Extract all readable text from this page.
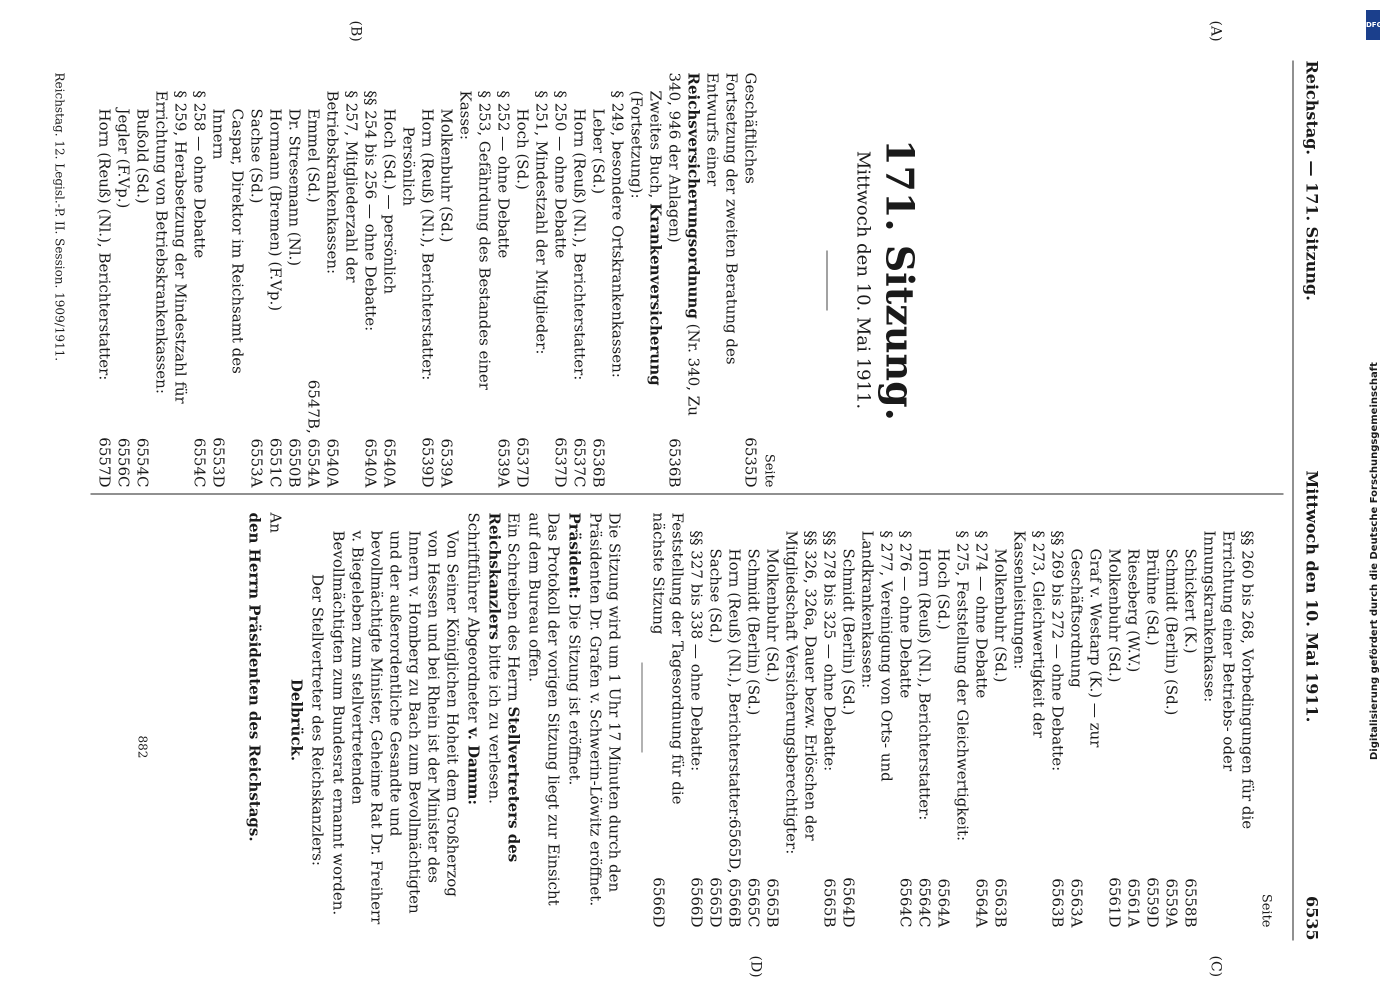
Reichstag. — 171. Sitzung.
Mittwoch den 10. Mai 1911.
6535
(A)
(B)
(C)
(D)
171. Sitzung.
Mittwoch den 10. Mai 1911.
Seite
Geschäftliches
6535D
Fortsetzung der zweiten Beratung des Entwurfs einer Reichsversicherungsordnung (Nr. 340, Zu 340, 946 der Anlagen)
6536B
Zweites Buch, Krankenversicherung (Fortsetzung):
§ 249, besondere Ortskrankenkassen:
Leber (Sd.)
6536B
Horn (Reuß) (Nl.), Berichterstatter:
6537C
§ 250 — ohne Debatte
6537D
§ 251, Mindestzahl der Mitglieder:
Hoch (Sd.)
6537D
§ 252 — ohne Debatte
6539A
§ 253, Gefährdung des Bestandes einer Kasse:
Molkenbuhr (Sd.)
6539A
Horn (Reuß) (Nl.), Berichterstatter:
6539D
Persönlich
Hoch (Sd.) — persönlich
6540A
§§ 254 bis 256 — ohne Debatte:
6540A
§ 257, Mitgliederzahl der Betriebskrankenkassen:
6540A
Emmel (Sd.)
6547B, 6554A
Dr. Stresemann (Nl.)
6550B
Hormann (Bremen) (F.Vp.)
6551C
Sachse (Sd.)
6553A
Caspar, Direktor im Reichsamt des Innern
6553D
§ 258 — ohne Debatte
6554C
§ 259, Herabsetzung der Mindestzahl für Errichtung von Betriebskrankenkassen:
Bußold (Sd.)
6554C
Jegler (F.Vp.)
6556C
Horn (Reuß) (Nl.), Berichterstatter:
6557D
Seite
§§ 260 bis 268, Vorbedingungen für die Errichtung einer Betriebs- oder Innungskrankenkasse:
Schickert (K.)
6558B
Schmidt (Berlin) (Sd.)
6559A
Brühne (Sd.)
6559D
Rieseberg (W.V.)
6561A
Molkenbuhr (Sd.)
6561D
Graf v. Westarp (K.) — zur Geschäftsordnung
6563A
§§ 269 bis 272 — ohne Debatte:
6563B
§ 273, Gleichwertigkeit der Kassenleistungen:
Molkenbuhr (Sd.)
6563B
§ 274 — ohne Debatte
6564A
§ 275, Feststellung der Gleichwertigkeit:
Hoch (Sd.)
6564A
Horn (Reuß) (Nl.), Berichterstatter:
6564C
§ 276 — ohne Debatte
6564C
§ 277, Vereinigung von Orts- und Landkrankenkassen:
Schmidt (Berlin) (Sd.)
6564D
§§ 278 bis 325 — ohne Debatte:
6565B
§§ 326, 326a, Dauer bezw. Erlöschen der Mitgliedschaft Versicherungsberechtigter:
Molkenbuhr (Sd.)
6565B
Schmidt (Berlin) (Sd.)
6565C
Horn (Reuß) (Nl.), Berichterstatter:
6565D, 6566B
Sachse (Sd.)
6565D
§§ 327 bis 338 — ohne Debatte:
6566D
Feststellung der Tagesordnung für die nächste Sitzung
6566D
Die Sitzung wird um 1 Uhr 17 Minuten durch den Präsidenten Dr. Grafen v. Schwerin-Löwitz eröffnet.
Präsident: Die Sitzung ist eröffnet.
Das Protokoll der vorigen Sitzung liegt zur Einsicht auf dem Bureau offen.
Ein Schreiben des Herrn Stellvertreters des Reichskanzlers bitte ich zu verlesen.
Schriftführer Abgeordneter v. Damm:
Von Seiner Königlichen Hoheit dem Großherzog von Hessen und bei Rhein ist der Minister des Innern v. Homberg zu Bach zum Bevollmächtigten und der außerordentliche Gesandte und bevollmächtigte Minister, Geheime Rat Dr. Freiherr v. Biegeleben zum stellvertretenden Bevollmächtigten zum Bundesrat ernannt worden.
Der Stellvertreter des Reichskanzlers:
Delbrück.
An
den Herrn Präsidenten des Reichstags.
Reichstag. 12. Legisl.-P. II. Session. 1909/1911.
882
DFG
Digitalisierung gefördert durch die Deutsche Forschungsgemeinschaft
